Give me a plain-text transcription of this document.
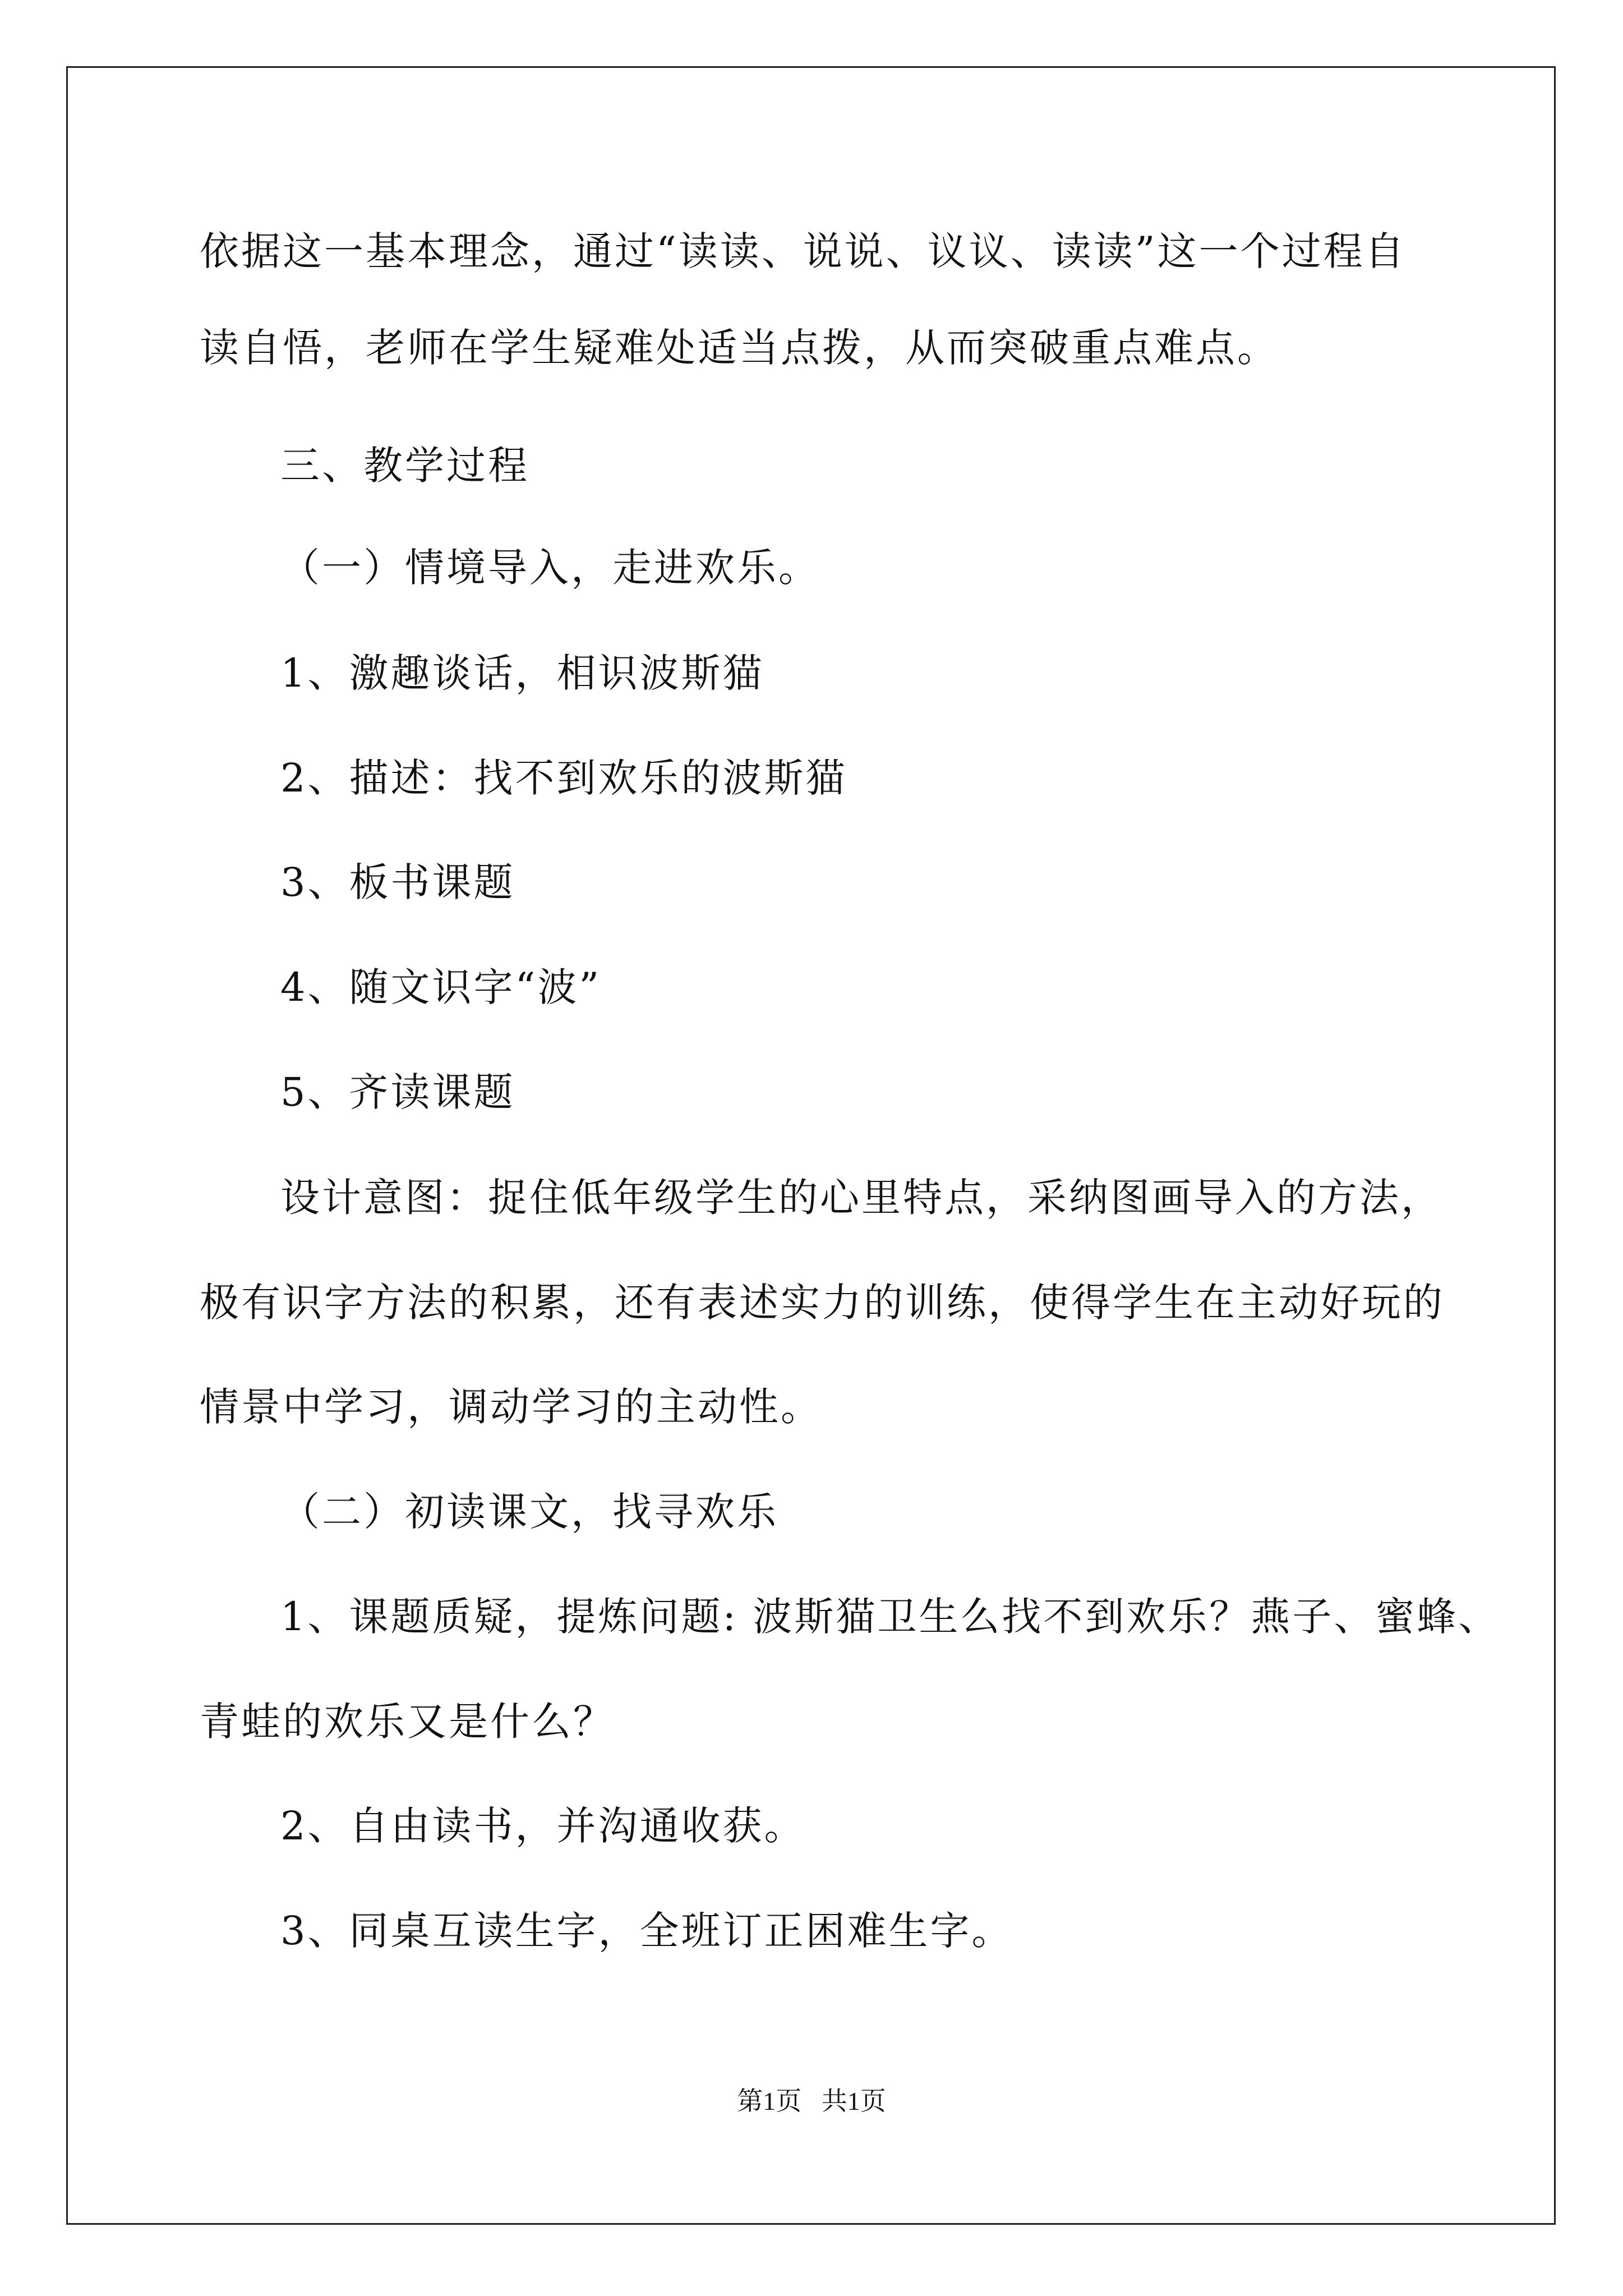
依据这一基本理念，通过“读读、说说、议议、读读”这一个过程自
读自悟，老师在学生疑难处适当点拨，从而突破重点难点。
三、教学过程
（一）情境导入，走进欢乐。
1、激趣谈话，相识波斯猫
2、描述：找不到欢乐的波斯猫
3、板书课题
4、随文识字“波”
5、齐读课题
设计意图：捉住低年级学生的心里特点，采纳图画导入的方法，
极有识字方法的积累，还有表述实力的训练，使得学生在主动好玩的
情景中学习，调动学习的主动性。
（二）初读课文，找寻欢乐
1、课题质疑，提炼问题: 波斯猫卫生么找不到欢乐？燕子、蜜蜂、
青蛙的欢乐又是什么？
2、自由读书，并沟通收获。
3、同桌互读生字，全班订正困难生字。
第1页 共1页
